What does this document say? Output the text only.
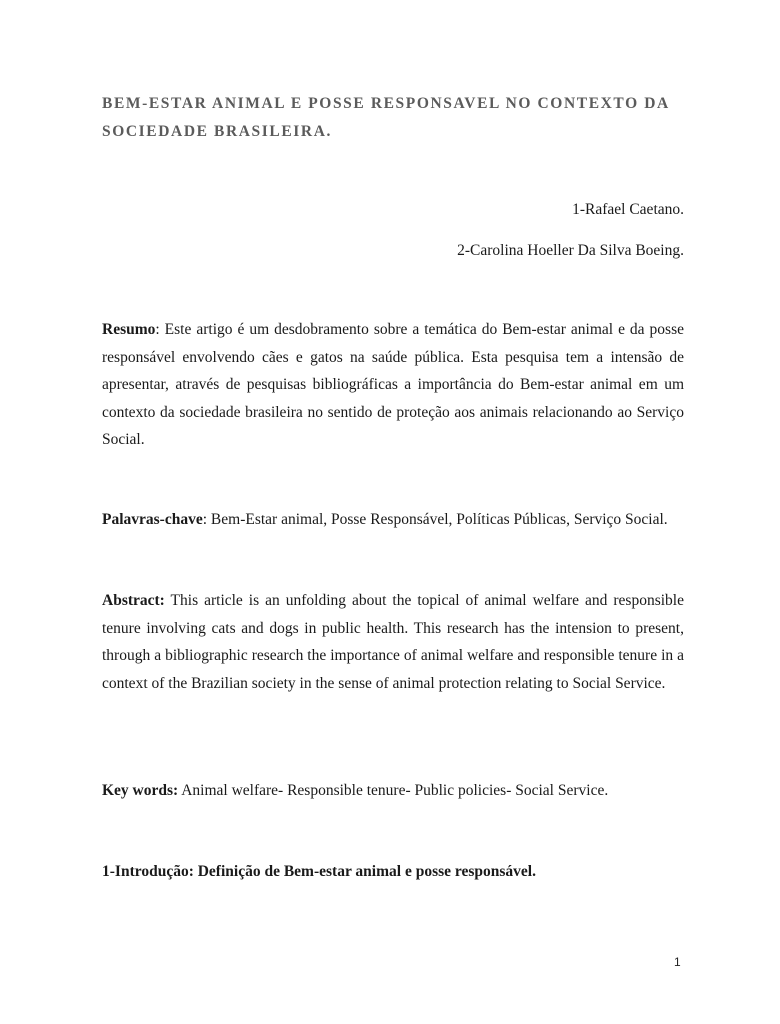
BEM-ESTAR ANIMAL E POSSE RESPONSAVEL NO CONTEXTO DA SOCIEDADE BRASILEIRA.
1-Rafael Caetano.
2-Carolina Hoeller Da Silva Boeing.

Resumo: Este artigo é um desdobramento sobre a temática do Bem-estar animal e da posse responsável envolvendo cães e gatos na saúde pública. Esta pesquisa tem a intensão de apresentar, através de pesquisas bibliográficas a importância do Bem-estar animal em um contexto da sociedade brasileira no sentido de proteção aos animais relacionando ao Serviço Social.

Palavras-chave: Bem-Estar animal, Posse Responsável, Políticas Públicas, Serviço Social.

Abstract: This article is an unfolding about the topical of animal welfare and responsible tenure involving cats and dogs in public health. This research has the intension to present, through a bibliographic research the importance of animal welfare and responsible tenure in a context of the Brazilian society in the sense of animal protection relating to Social Service.

Key words: Animal welfare- Responsible tenure- Public policies- Social Service.

1-Introdução: Definição de Bem-estar animal e posse responsável.
1
